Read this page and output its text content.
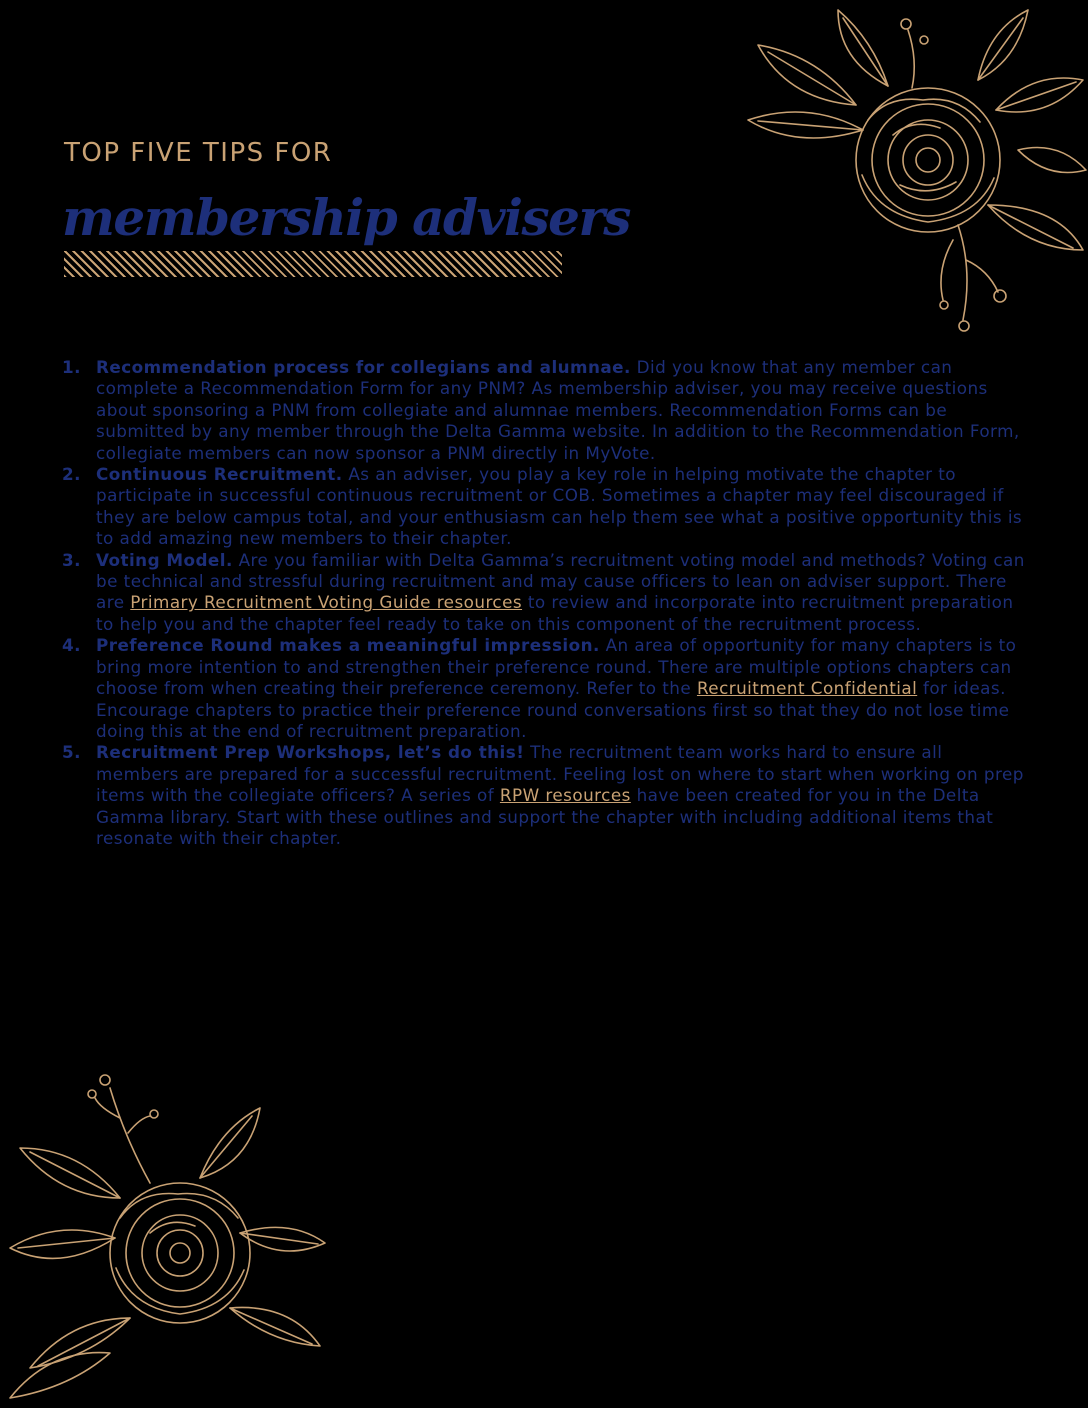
TOP FIVE TIPS FOR
membership advisers
1. Recommendation process for collegians and alumnae. Did you know that any member can complete a Recommendation Form for any PNM? As membership adviser, you may receive questions about sponsoring a PNM from collegiate and alumnae members. Recommendation Forms can be submitted by any member through the Delta Gamma website. In addition to the Recommendation Form, collegiate members can now sponsor a PNM directly in MyVote.
2. Continuous Recruitment. As an adviser, you play a key role in helping motivate the chapter to participate in successful continuous recruitment or COB. Sometimes a chapter may feel discouraged if they are below campus total, and your enthusiasm can help them see what a positive opportunity this is to add amazing new members to their chapter.
3. Voting Model. Are you familiar with Delta Gamma’s recruitment voting model and methods? Voting can be technical and stressful during recruitment and may cause officers to lean on adviser support. There are Primary Recruitment Voting Guide resources to review and incorporate into recruitment preparation to help you and the chapter feel ready to take on this component of the recruitment process.
4. Preference Round makes a meaningful impression. An area of opportunity for many chapters is to bring more intention to and strengthen their preference round. There are multiple options chapters can choose from when creating their preference ceremony. Refer to the Recruitment Confidential for ideas. Encourage chapters to practice their preference round conversations first so that they do not lose time doing this at the end of recruitment preparation.
5. Recruitment Prep Workshops, let’s do this! The recruitment team works hard to ensure all members are prepared for a successful recruitment. Feeling lost on where to start when working on prep items with the collegiate officers? A series of RPW resources have been created for you in the Delta Gamma library. Start with these outlines and support the chapter with including additional items that resonate with their chapter.
